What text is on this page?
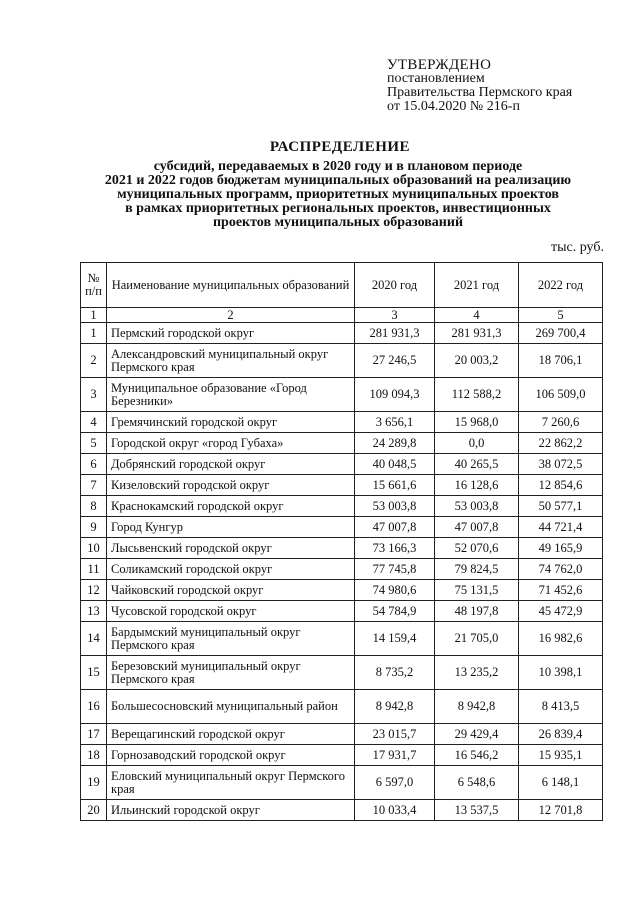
УТВЕРЖДЕНО
постановлением
Правительства Пермского края
от 15.04.2020 № 216-п
РАСПРЕДЕЛЕНИЕ
субсидий, передаваемых в 2020 году и в плановом периоде
2021 и 2022 годов бюджетам муниципальных образований на реализацию
муниципальных программ, приоритетных муниципальных проектов
в рамках приоритетных региональных проектов, инвестиционных
проектов муниципальных образований
тыс. руб.
№ п/п	Наименование муниципальных образований	2020 год	2021 год	2022 год
1	2	3	4	5
1	Пермский городской округ	281 931,3	281 931,3	269 700,4
2	Александровский муниципальный округ Пермского края	27 246,5	20 003,2	18 706,1
3	Муниципальное образование «Город Березники»	109 094,3	112 588,2	106 509,0
4	Гремячинский городской округ	3 656,1	15 968,0	7 260,6
5	Городской округ «город Губаха»	24 289,8	0,0	22 862,2
6	Добрянский городской округ	40 048,5	40 265,5	38 072,5
7	Кизеловский городской округ	15 661,6	16 128,6	12 854,6
8	Краснокамский городской округ	53 003,8	53 003,8	50 577,1
9	Город Кунгур	47 007,8	47 007,8	44 721,4
10	Лысьвенский городской округ	73 166,3	52 070,6	49 165,9
11	Соликамский городской округ	77 745,8	79 824,5	74 762,0
12	Чайковский городской округ	74 980,6	75 131,5	71 452,6
13	Чусовской городской округ	54 784,9	48 197,8	45 472,9
14	Бардымский муниципальный округ Пермского края	14 159,4	21 705,0	16 982,6
15	Березовский муниципальный округ Пермского края	8 735,2	13 235,2	10 398,1
16	Большесосновский муниципальный район	8 942,8	8 942,8	8 413,5
17	Верещагинский городской округ	23 015,7	29 429,4	26 839,4
18	Горнозаводский городской округ	17 931,7	16 546,2	15 935,1
19	Еловский муниципальный округ Пермского края	6 597,0	6 548,6	6 148,1
20	Ильинский городской округ	10 033,4	13 537,5	12 701,8
